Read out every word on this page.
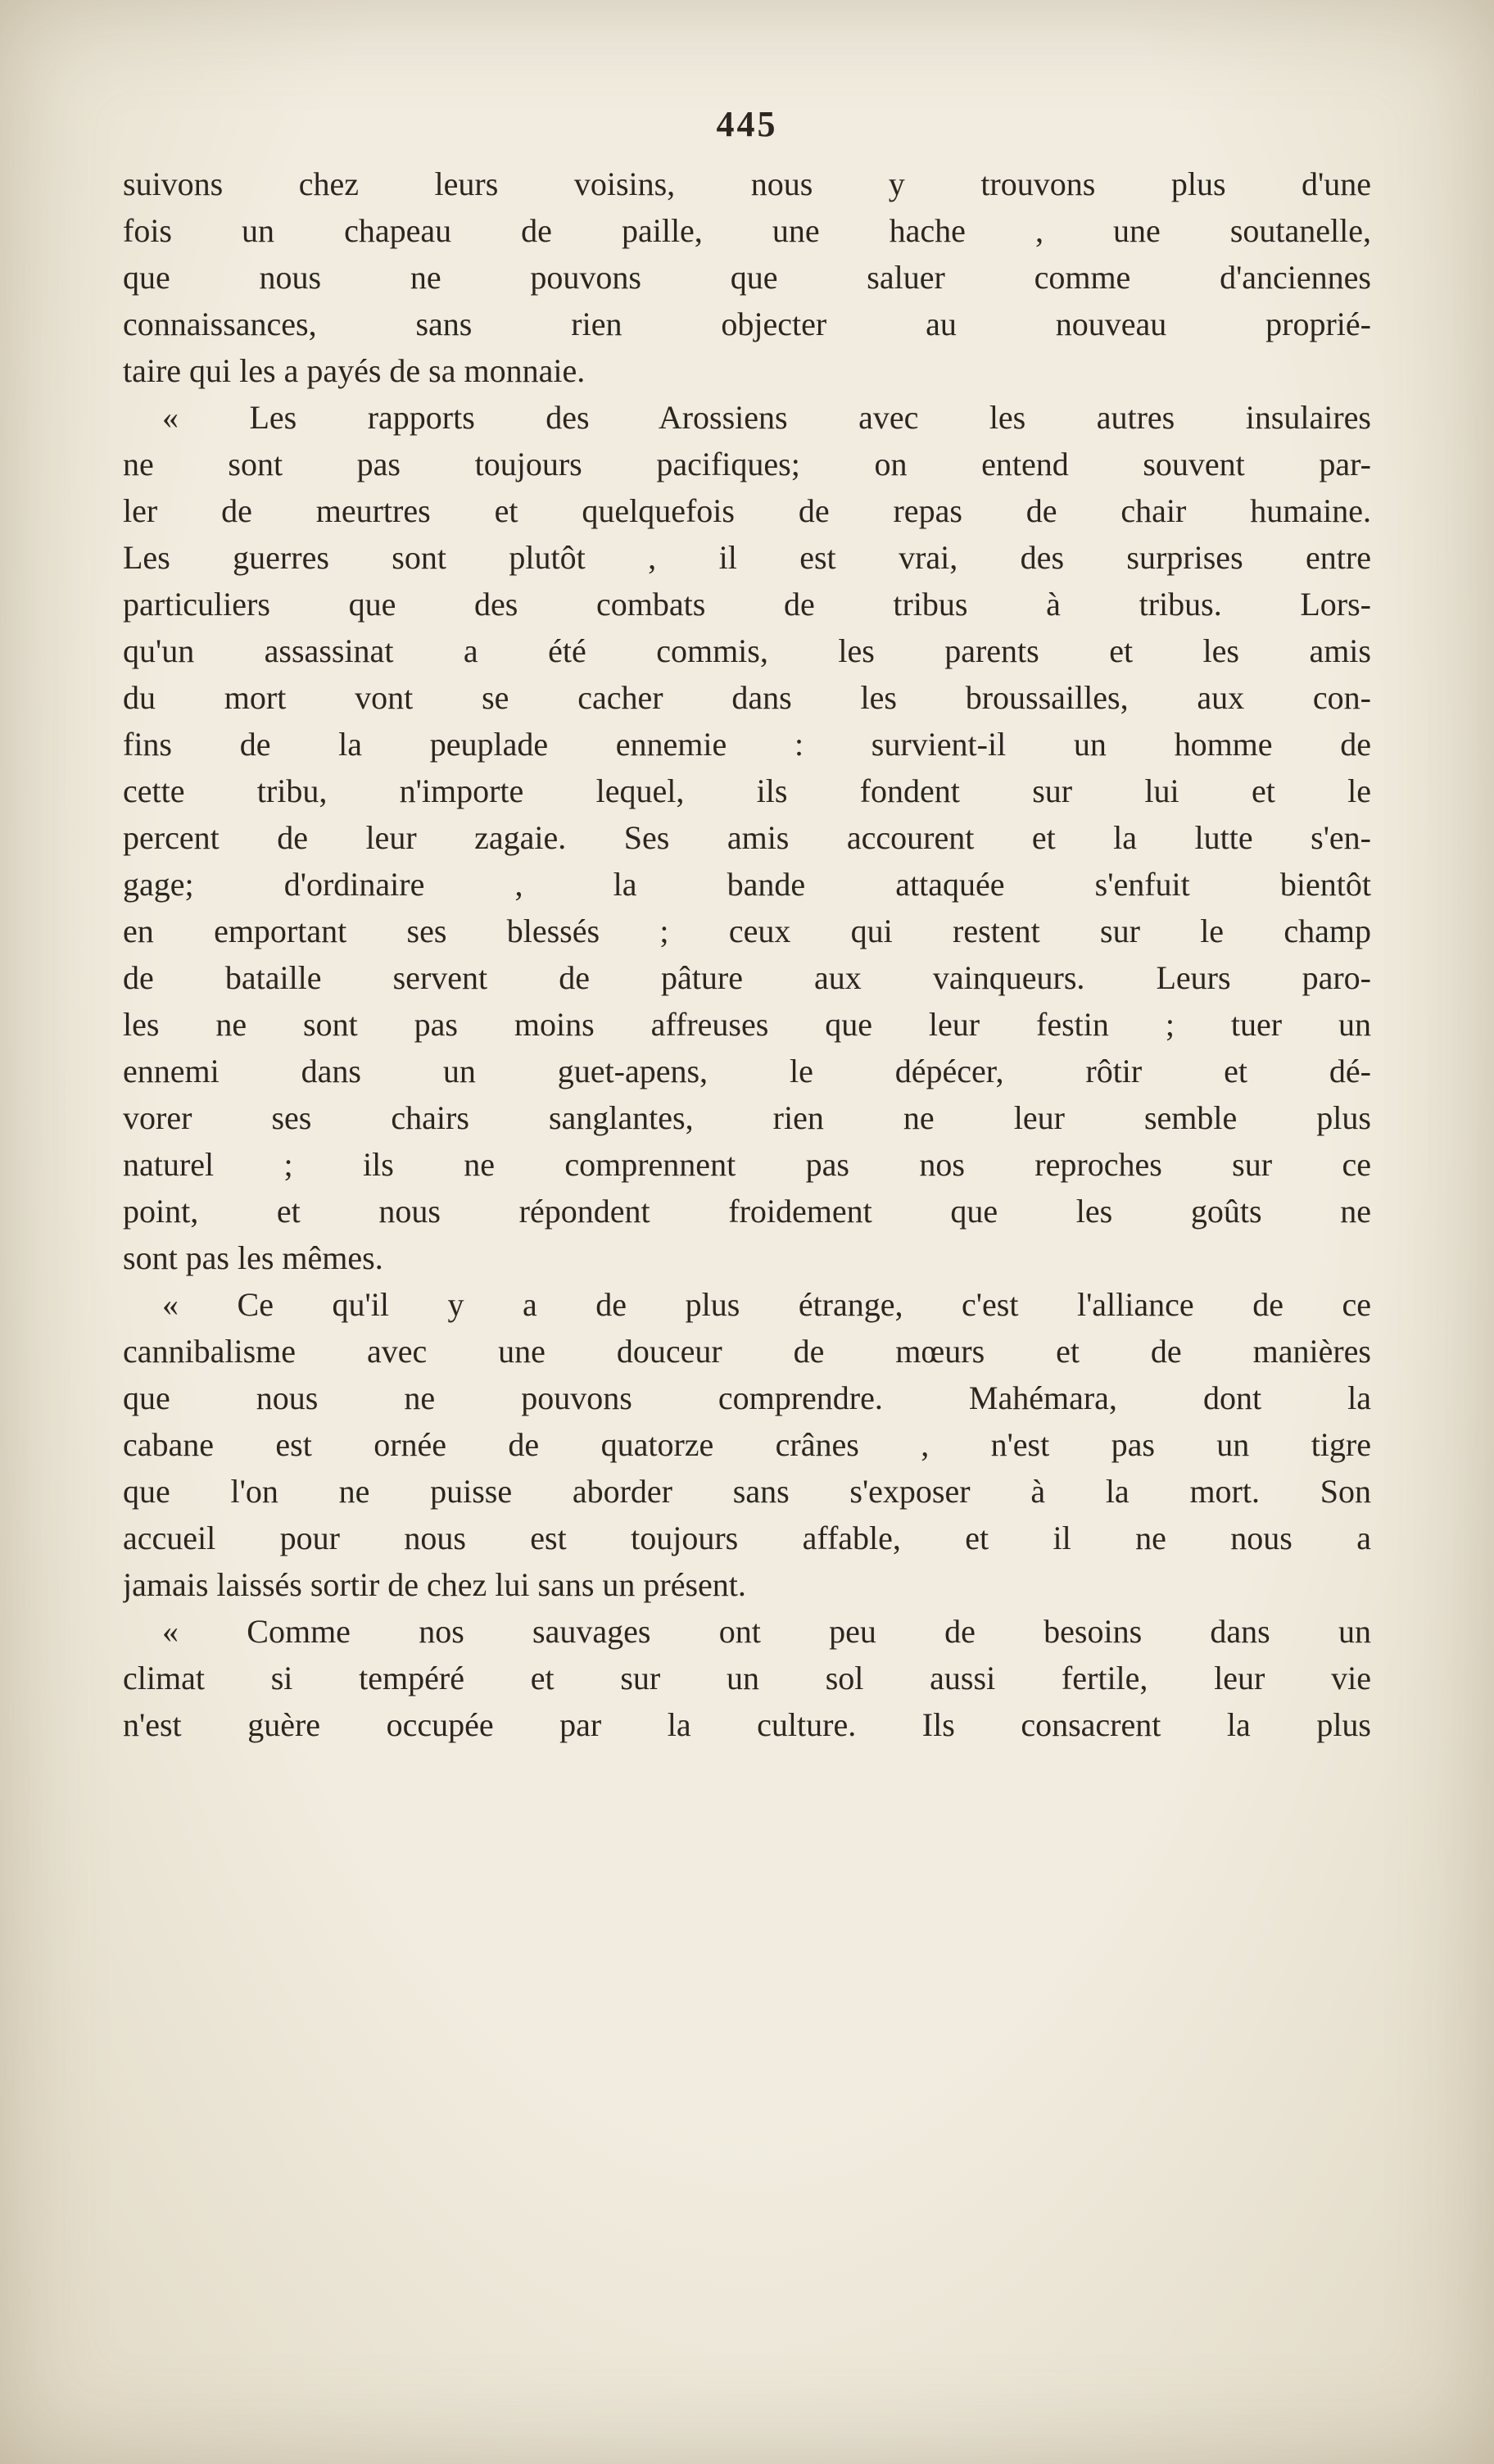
445
suivons chez leurs voisins, nous y trouvons plus d'une
fois un chapeau de paille, une hache , une soutanelle,
que nous ne pouvons que saluer comme d'anciennes
connaissances, sans rien objecter au nouveau proprié-
taire qui les a payés de sa monnaie.
« Les rapports des Arossiens avec les autres insulaires
ne sont pas toujours pacifiques; on entend souvent par-
ler de meurtres et quelquefois de repas de chair humaine.
Les guerres sont plutôt , il est vrai, des surprises entre
particuliers que des combats de tribus à tribus. Lors-
qu'un assassinat a été commis, les parents et les amis
du mort vont se cacher dans les broussailles, aux con-
fins de la peuplade ennemie : survient-il un homme de
cette tribu, n'importe lequel, ils fondent sur lui et le
percent de leur zagaie. Ses amis accourent et la lutte s'en-
gage; d'ordinaire , la bande attaquée s'enfuit bientôt
en emportant ses blessés ; ceux qui restent sur le champ
de bataille servent de pâture aux vainqueurs. Leurs paro-
les ne sont pas moins affreuses que leur festin ; tuer un
ennemi dans un guet-apens, le dépécer, rôtir et dé-
vorer ses chairs sanglantes, rien ne leur semble plus
naturel ; ils ne comprennent pas nos reproches sur ce
point, et nous répondent froidement que les goûts ne
sont pas les mêmes.
« Ce qu'il y a de plus étrange, c'est l'alliance de ce
cannibalisme avec une douceur de mœurs et de manières
que nous ne pouvons comprendre. Mahémara, dont la
cabane est ornée de quatorze crânes , n'est pas un tigre
que l'on ne puisse aborder sans s'exposer à la mort. Son
accueil pour nous est toujours affable, et il ne nous a
jamais laissés sortir de chez lui sans un présent.
« Comme nos sauvages ont peu de besoins dans un
climat si tempéré et sur un sol aussi fertile, leur vie
n'est guère occupée par la culture. Ils consacrent la plus
